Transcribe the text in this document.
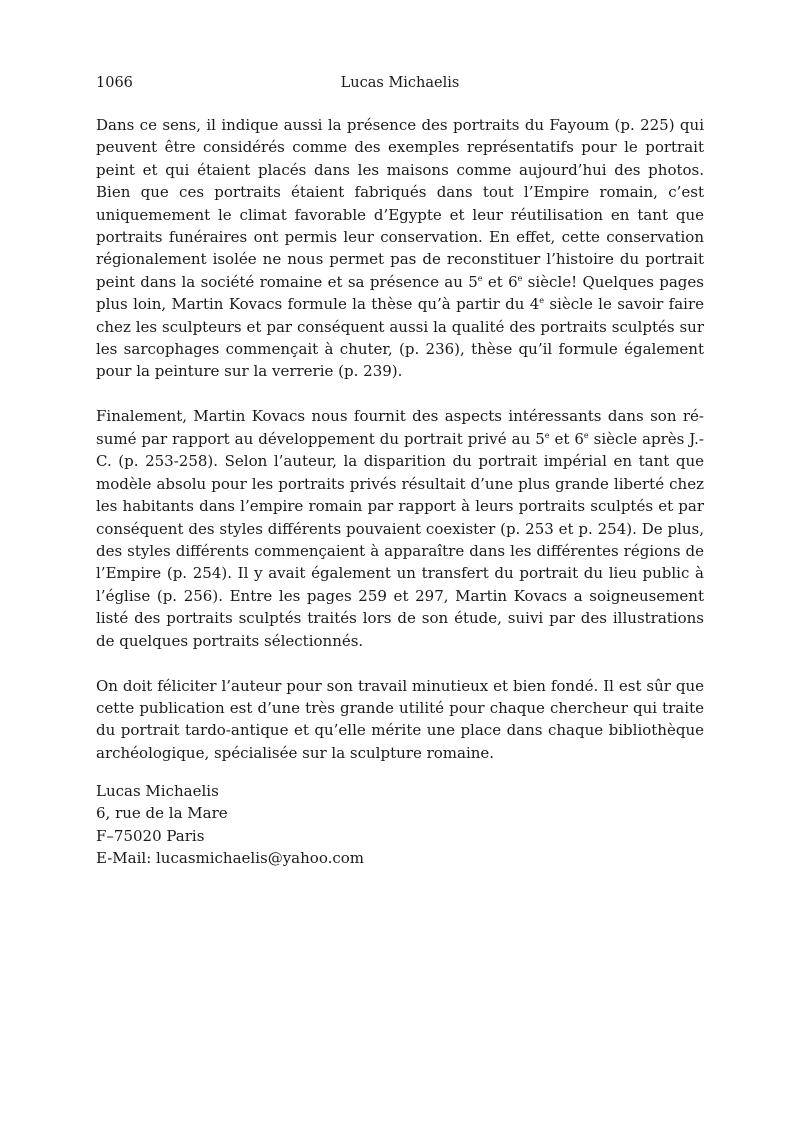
1066	Lucas Michaelis

Dans ce sens, il indique aussi la présence des portraits du Fayoum (p. 225) qui peuvent être considérés comme des exemples représentatifs pour le portrait peint et qui étaient placés dans les maisons comme aujourd’hui des photos. Bien que ces portraits étaient fabriqués dans tout l’Empire romain, c’est uniquemement le climat favorable d’Egypte et leur réutilisation en tant que portraits funéraires ont permis leur conservation. En effet, cette conservation régionalement isolée ne nous permet pas de reconstituer l’histoire du portrait peint dans la société romaine et sa présence au 5e et 6e siècle! Quelques pages plus loin, Martin Kovacs formule la thèse qu’à partir du 4e siècle le savoir faire chez les sculpteurs et par conséquent aussi la qualité des portraits sculptés sur les sarcophages commençait à chuter, (p. 236), thèse qu’il formule également pour la peinture sur la verrerie (p. 239).

Finalement, Martin Kovacs nous fournit des aspects intéressants dans son résumé par rapport au développement du portrait privé au 5e et 6e siècle après J.-C. (p. 253-258). Selon l’auteur, la disparition du portrait impérial en tant que modèle absolu pour les portraits privés résultait d’une plus grande liberté chez les habitants dans l’empire romain par rapport à leurs portraits sculptés et par conséquent des styles différents pouvaient coexister (p. 253 et p. 254). De plus, des styles différents commençaient à apparaître dans les différentes régions de l’Empire (p. 254). Il y avait également un transfert du portrait du lieu public à l’église (p. 256). Entre les pages 259 et 297, Martin Kovacs a soigneusement listé des portraits sculptés traités lors de son étude, suivi par des illustrations de quelques portraits sélectionnés.

On doit féliciter l’auteur pour son travail minutieux et bien fondé. Il est sûr que cette publication est d’une très grande utilité pour chaque chercheur qui traite du portrait tardo-antique et qu’elle mérite une place dans chaque bibliothèque archéologique, spécialisée sur la sculpture romaine.

Lucas Michaelis
6, rue de la Mare
F–75020 Paris
E-Mail: lucasmichaelis@yahoo.com
